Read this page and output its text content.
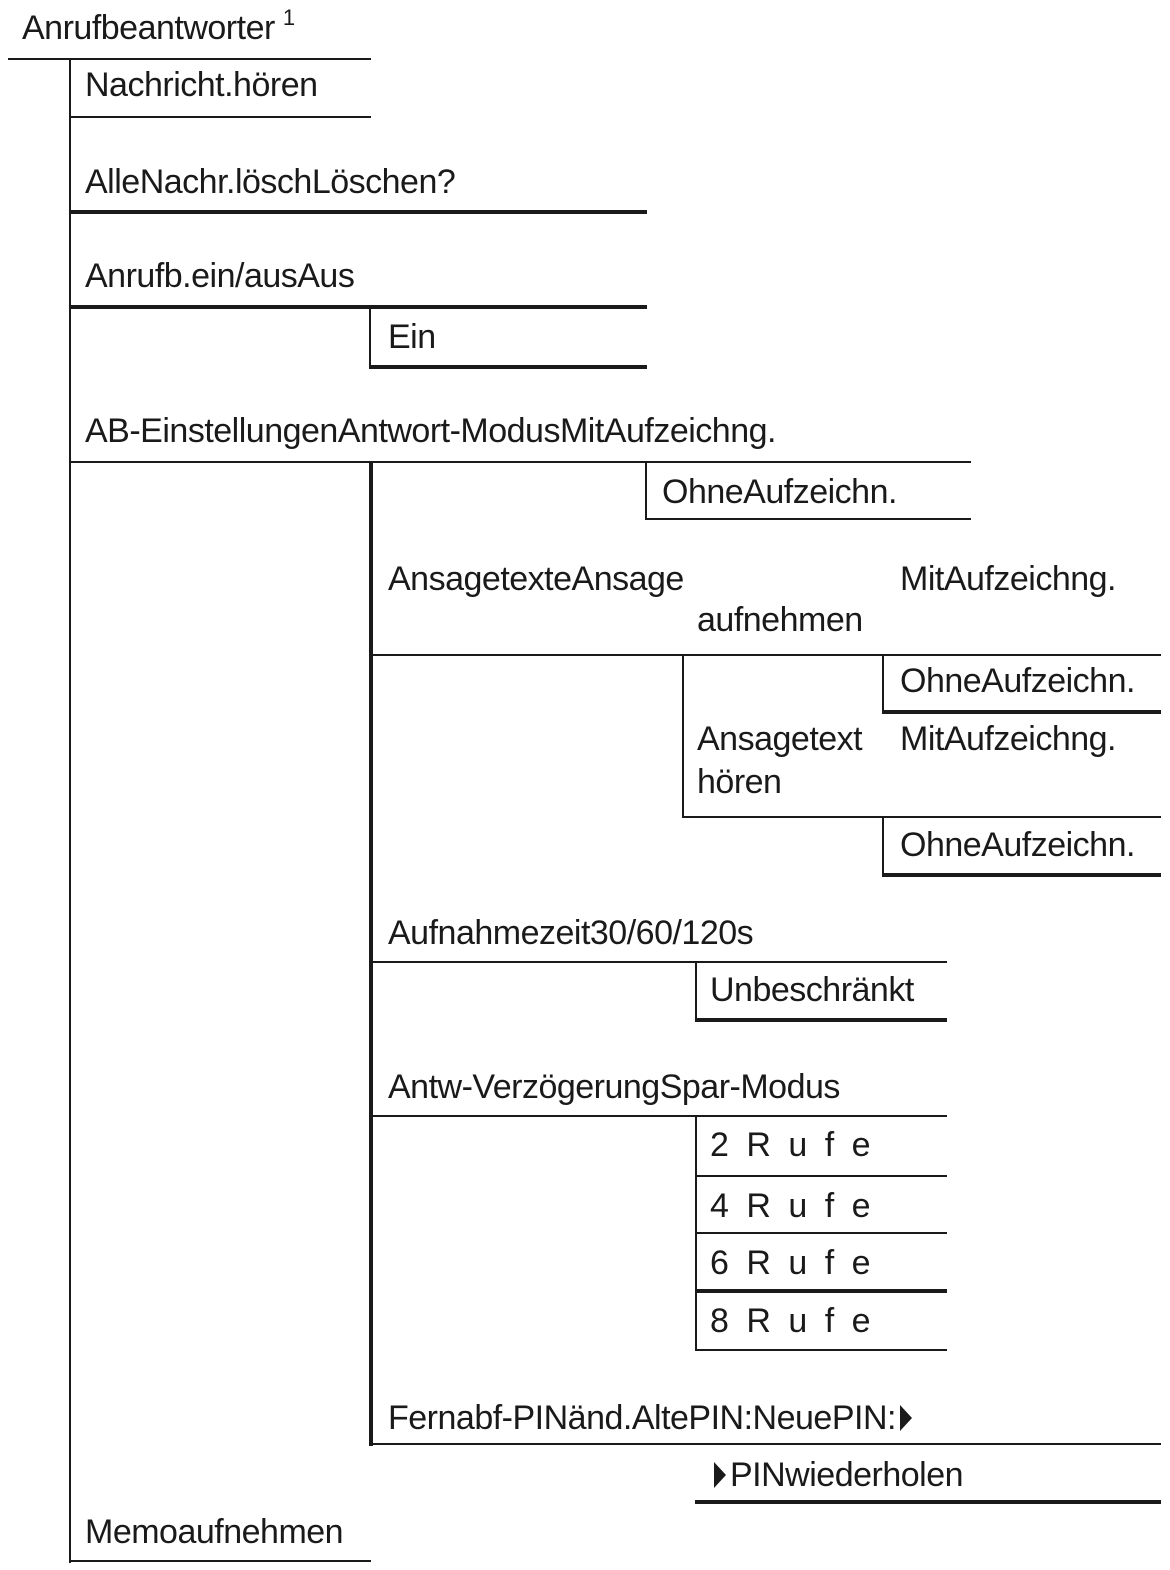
Anrufbeantworter $^1$
Nachricht.hören
AlleNachr.löschLöschen?
Anrufb.ein/ausAus
Ein
AB-EinstellungenAntwort-ModusMitAufzeichng.
OhneAufzeichn.
AnsagetexteAnsage
aufnehmen
MitAufzeichng.
OhneAufzeichn.
Ansagetext
hören
MitAufzeichng.
OhneAufzeichn.
Aufnahmezeit30/60/120s
Unbeschränkt
Antw-VerzögerungSpar-Modus
2 R u f e
4 R u f e
6 R u f e
8 R u f e
Fernabf-PINänd.AltePIN:NeuePIN:
PINwiederholen
Memoaufnehmen
